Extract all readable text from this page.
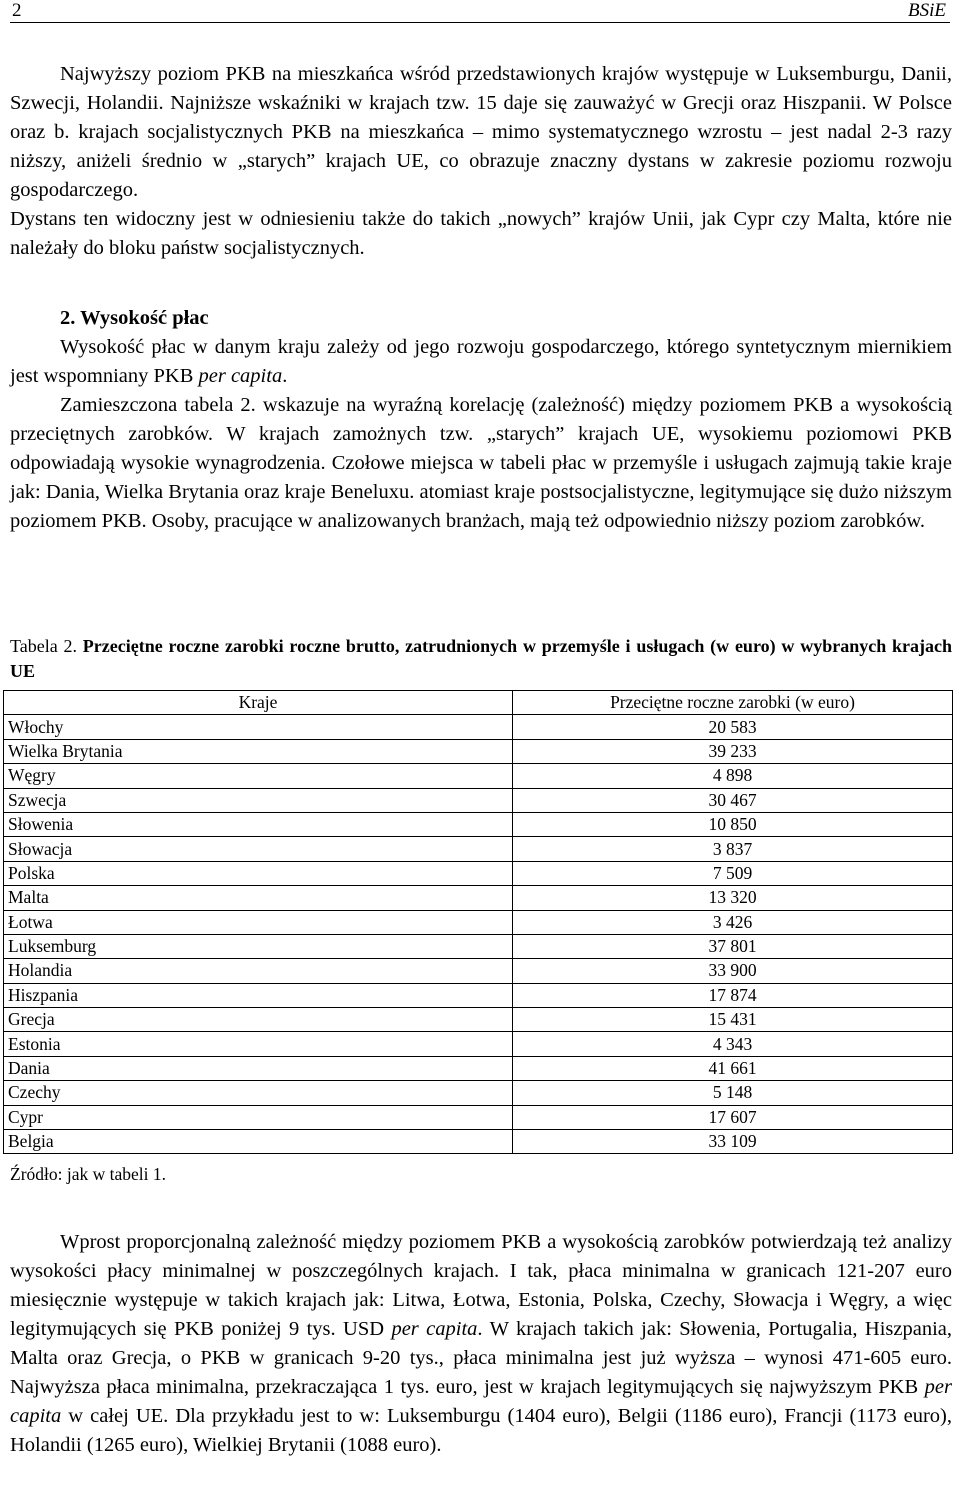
2	BSiE

Najwyższy poziom PKB na mieszkańca wśród przedstawionych krajów występuje w Luksemburgu, Danii, Szwecji, Holandii. Najniższe wskaźniki w krajach tzw. 15 daje się zauważyć w Grecji oraz Hiszpanii. W Polsce oraz b. krajach socjalistycznych PKB na mieszkańca – mimo systematycznego wzrostu – jest nadal 2-3 razy niższy, aniżeli średnio w „starych” krajach UE, co obrazuje znaczny dystans w zakresie poziomu rozwoju gospodarczego.

Dystans ten widoczny jest w odniesieniu także do takich „nowych” krajów Unii, jak Cypr czy Malta, które nie należały do bloku państw socjalistycznych.

2. Wysokość płac

Wysokość płac w danym kraju zależy od jego rozwoju gospodarczego, którego syntetycznym miernikiem jest wspomniany PKB per capita.

Zamieszczona tabela 2. wskazuje na wyraźną korelację (zależność) między poziomem PKB a wysokością przeciętnych zarobków. W krajach zamożnych tzw. „starych” krajach UE, wysokiemu poziomowi PKB odpowiadają wysokie wynagrodzenia. Czołowe miejsca w tabeli płac w przemyśle i usługach zajmują takie kraje jak: Dania, Wielka Brytania oraz kraje Beneluxu. atomiast kraje postsocjalistyczne, legitymujące się dużo niższym poziomem PKB. Osoby, pracujące w analizowanych branżach, mają też odpowiednio niższy poziom zarobków.

Tabela 2. Przeciętne roczne zarobki roczne brutto, zatrudnionych w przemyśle i usługach (w euro) w wybranych krajach UE
Kraje	Przeciętne roczne zarobki (w euro)
Włochy	20 583
Wielka Brytania	39 233
Węgry	4 898
Szwecja	30 467
Słowenia	10 850
Słowacja	3 837
Polska	7 509
Malta	13 320
Łotwa	3 426
Luksemburg	37 801
Holandia	33 900
Hiszpania	17 874
Grecja	15 431
Estonia	4 343
Dania	41 661
Czechy	5 148
Cypr	17 607
Belgia	33 109
Źródło: jak w tabeli 1.

Wprost proporcjonalną zależność między poziomem PKB a wysokością zarobków potwierdzają też analizy wysokości płacy minimalnej w poszczególnych krajach. I tak, płaca minimalna w granicach 121-207 euro miesięcznie występuje w takich krajach jak: Litwa, Łotwa, Estonia, Polska, Czechy, Słowacja i Węgry, a więc legitymujących się PKB poniżej 9 tys. USD per capita. W krajach takich jak: Słowenia, Portugalia, Hiszpania, Malta oraz Grecja, o PKB w granicach 9-20 tys., płaca minimalna jest już wyższa – wynosi 471-605 euro. Najwyższa płaca minimalna, przekraczająca 1 tys. euro, jest w krajach legitymujących się najwyższym PKB per capita w całej UE. Dla przykładu jest to w: Luksemburgu (1404 euro), Belgii (1186 euro), Francji (1173 euro), Holandii (1265 euro), Wielkiej Brytanii (1088 euro).
